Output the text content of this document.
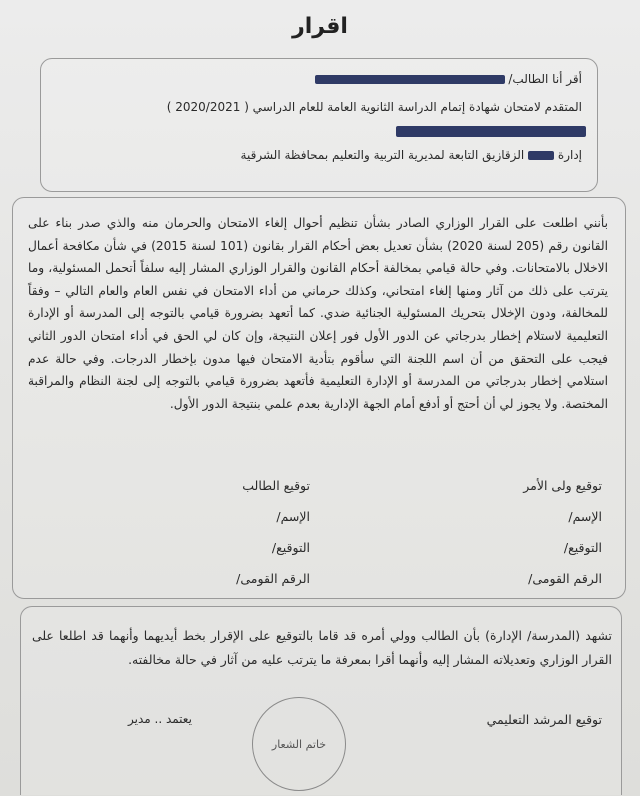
اقرار
أقر أنا الطالب/
المتقدم لامتحان شهادة إتمام الدراسة الثانوية العامة للعام الدراسي ( 2020/2021 )
إدارة  الزقازيق التابعة لمديرية التربية والتعليم بمحافظة الشرقية
بأنني اطلعت على القرار الوزاري الصادر بشأن تنظيم أحوال إلغاء الامتحان والحرمان منه والذي صدر بناء على القانون رقم (205 لسنة 2020) بشأن تعديل بعض أحكام القرار بقانون (101 لسنة 2015) في شأن مكافحة أعمال الاخلال بالامتحانات. وفي حالة قيامي بمخالفة أحكام القانون والقرار الوزاري المشار إليه سلفاً أتحمل المسئولية، وما يترتب على ذلك من آثار ومنها إلغاء امتحاني، وكذلك حرماني من أداء الامتحان في نفس العام والعام التالي – وفقاً للمخالفة، ودون الإخلال بتحريك المسئولية الجنائية ضدي. كما أتعهد بضرورة قيامي بالتوجه إلى المدرسة أو الإدارة التعليمية لاستلام إخطار بدرجاتي عن الدور الأول فور إعلان النتيجة، وإن كان لي الحق في أداء امتحان الدور الثاني فيجب على التحقق من أن اسم اللجنة التي سأقوم بتأدية الامتحان فيها مدون بإخطار الدرجات. وفي حالة عدم استلامي إخطار بدرجاتي من المدرسة أو الإدارة التعليمية فأتعهد بضرورة قيامي بالتوجه إلى لجنة النظام والمراقبة المختصة. ولا يجوز لي أن أحتج أو أدفع أمام الجهة الإدارية بعدم علمي بنتيجة الدور الأول.
توقيع ولى الأمر
الإسم/
التوقيع/
الرقم القومى/
توقيع الطالب
الإسم/
التوقيع/
الرقم القومى/
تشهد (المدرسة/ الإدارة) بأن الطالب وولي أمره قد قاما بالتوقيع على الإقرار بخط أيديهما وأنهما قد اطلعا على القرار الوزاري وتعديلاته المشار إليه وأنهما أقرا بمعرفة ما يترتب عليه من آثار في حالة مخالفته.
توقيع المرشد التعليمي
خاتم الشعار
يعتمد .. مدير
